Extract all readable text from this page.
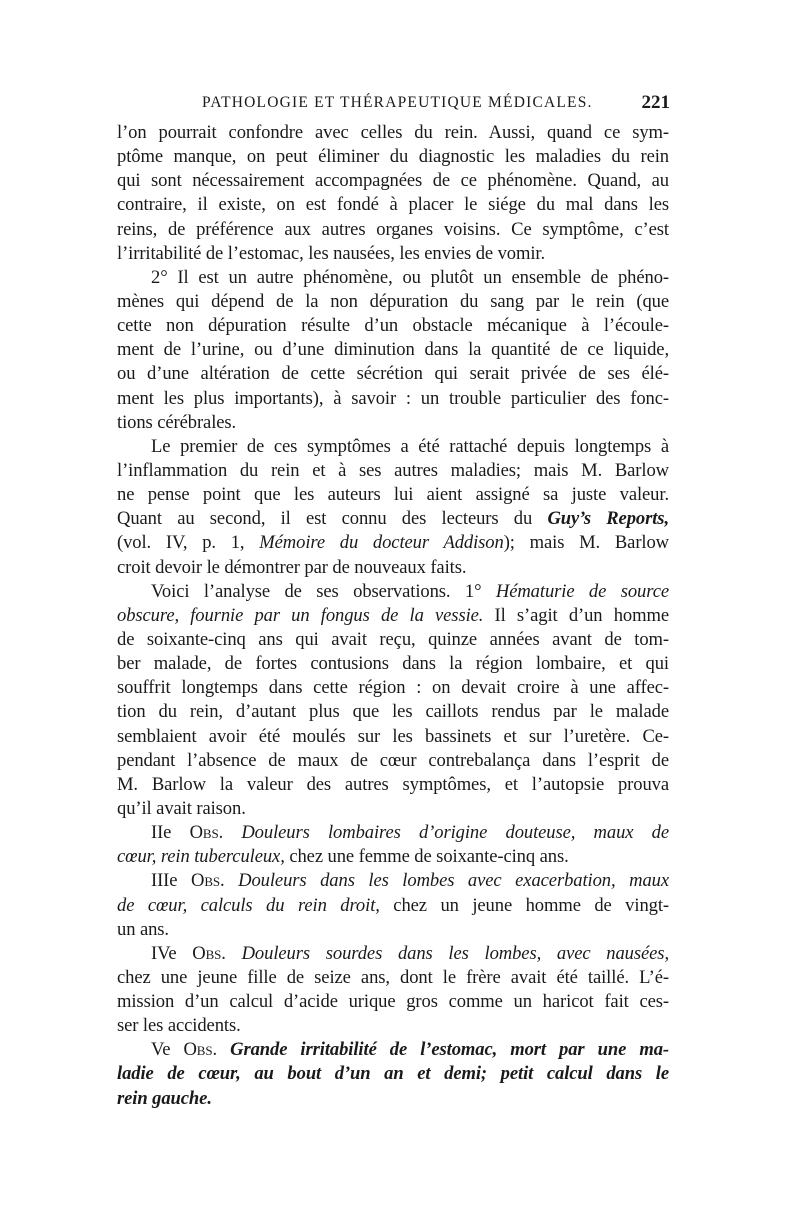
PATHOLOGIE ET THÉRAPEUTIQUE MÉDICALES.	221
l’on pourrait confondre avec celles du rein. Aussi, quand ce sym-
ptôme manque, on peut éliminer du diagnostic les maladies du rein
qui sont nécessairement accompagnées de ce phénomène. Quand, au
contraire, il existe, on est fondé à placer le siége du mal dans les
reins, de préférence aux autres organes voisins. Ce symptôme, c’est
l’irritabilité de l’estomac, les nausées, les envies de vomir.
2° Il est un autre phénomène, ou plutôt un ensemble de phéno-
mènes qui dépend de la non dépuration du sang par le rein (que
cette non dépuration résulte d’un obstacle mécanique à l’écoule-
ment de l’urine, ou d’une diminution dans la quantité de ce liquide,
ou d’une altération de cette sécrétion qui serait privée de ses élé-
ment les plus importants), à savoir : un trouble particulier des fonc-
tions cérébrales.
Le premier de ces symptômes a été rattaché depuis longtemps à
l’inflammation du rein et à ses autres maladies; mais M. Barlow
ne pense point que les auteurs lui aient assigné sa juste valeur.
Quant au second, il est connu des lecteurs du Guy’s Reports,
(vol. IV, p. 1, Mémoire du docteur Addison); mais M. Barlow
croit devoir le démontrer par de nouveaux faits.
Voici l’analyse de ses observations. 1° Hématurie de source
obscure, fournie par un fongus de la vessie. Il s’agit d’un homme
de soixante-cinq ans qui avait reçu, quinze années avant de tom-
ber malade, de fortes contusions dans la région lombaire, et qui
souffrit longtemps dans cette région : on devait croire à une affec-
tion du rein, d’autant plus que les caillots rendus par le malade
semblaient avoir été moulés sur les bassinets et sur l’uretère. Ce-
pendant l’absence de maux de cœur contrebalança dans l’esprit de
M. Barlow la valeur des autres symptômes, et l’autopsie prouva
qu’il avait raison.
IIe Obs. Douleurs lombaires d’origine douteuse, maux de
cœur, rein tuberculeux, chez une femme de soixante-cinq ans.
IIIe Obs. Douleurs dans les lombes avec exacerbation, maux
de cœur, calculs du rein droit, chez un jeune homme de vingt-
un ans.
IVe Obs. Douleurs sourdes dans les lombes, avec nausées,
chez une jeune fille de seize ans, dont le frère avait été taillé. L’é-
mission d’un calcul d’acide urique gros comme un haricot fait ces-
ser les accidents.
Ve Obs. Grande irritabilité de l’estomac, mort par une ma-
ladie de cœur, au bout d’un an et demi; petit calcul dans le
rein gauche.
